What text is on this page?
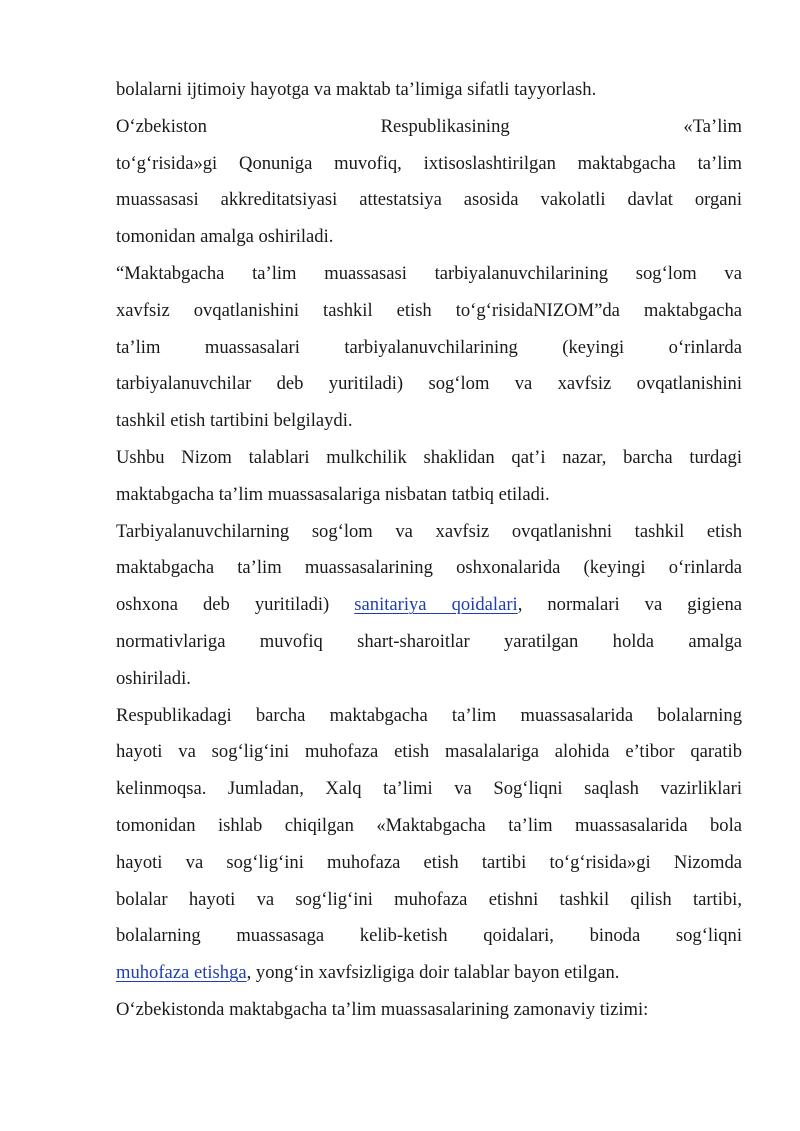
bolalarni ijtimoiy hayotga va maktab ta’limiga sifatli tayyorlash.
O‘zbekiston Respublikasining «Ta’lim
to‘g‘risida»gi Qonuniga muvofiq, ixtisoslashtirilgan maktabgacha ta’lim
muassasasi akkreditatsiyasi attestatsiya asosida vakolatli davlat organi
tomonidan amalga oshiriladi.
“Maktabgacha ta’lim muassasasi tarbiyalanuvchilarining sog‘lom va
xavfsiz ovqatlanishini tashkil etish to‘g‘risidaNIZOM”da maktabgacha
ta’lim muassasalari tarbiyalanuvchilarining (keyingi o‘rinlarda
tarbiyalanuvchilar deb yuritiladi) sog‘lom va xavfsiz ovqatlanishini
tashkil etish tartibini belgilaydi.
Ushbu Nizom talablari mulkchilik shaklidan qat’i nazar, barcha turdagi
maktabgacha ta’lim muassasalariga nisbatan tatbiq etiladi.
Tarbiyalanuvchilarning sog‘lom va xavfsiz ovqatlanishni tashkil etish
maktabgacha ta’lim muassasalarining oshxonalarida (keyingi o‘rinlarda
oshxona deb yuritiladi) sanitariya qoidalari, normalari va gigiena
normativlariga muvofiq shart-sharoitlar yaratilgan holda amalga
oshiriladi.
Respublikadagi barcha maktabgacha ta’lim muassasalarida bolalarning
hayoti va sog‘lig‘ini muhofaza etish masalalariga alohida e’tibor qaratib
kelinmoqsa. Jumladan, Xalq ta’limi va Sog‘liqni saqlash vazirliklari
tomonidan ishlab chiqilgan «Maktabgacha ta’lim muassasalarida bola
hayoti va sog‘lig‘ini muhofaza etish tartibi to‘g‘risida»gi Nizomda
bolalar hayoti va sog‘lig‘ini muhofaza etishni tashkil qilish tartibi,
bolalarning muassasaga kelib-ketish qoidalari, binoda sog‘liqni
muhofaza etishga, yong‘in xavfsizligiga doir talablar bayon etilgan.
O‘zbekistonda maktabgacha ta’lim muassasalarining zamonaviy tizimi:
